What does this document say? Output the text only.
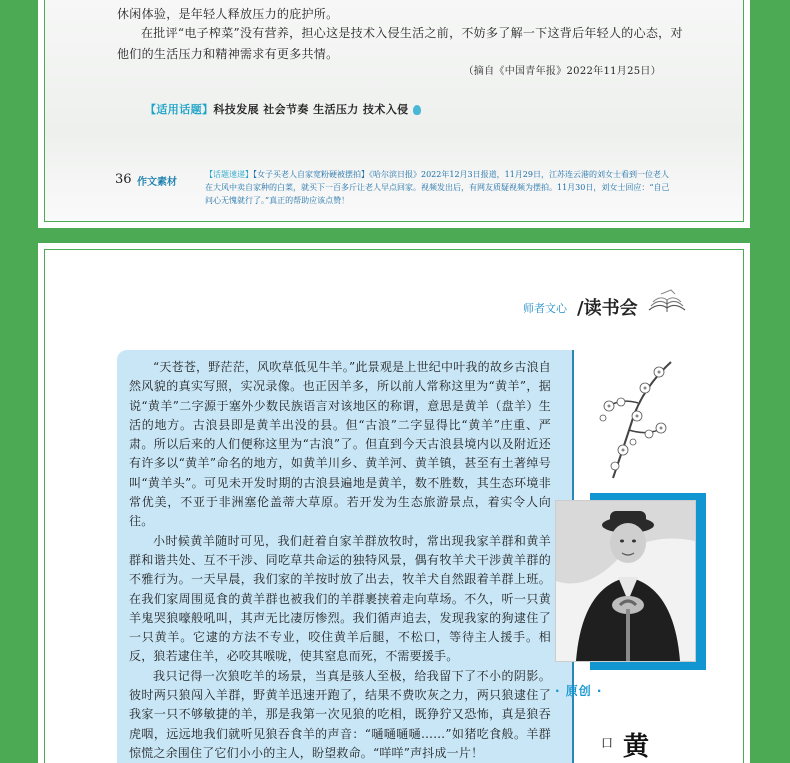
休闲体验，是年轻人释放压力的庇护所。
在批评“电子榨菜”没有营养，担心这是技术入侵生活之前，不妨多了解一下这背后年轻人的心态，对他们的生活压力和精神需求有更多共情。
（摘自《中国青年报》2022年11月25日）
【适用话题】科技发展 社会节奏 生活压力 技术入侵
36 作文素材
【话题速递】【女子买老人自家宽粉硬被摆拍】《哈尔滨日报》2022年12月3日报道，11月29日，江苏连云港的刘女士看到一位老人在大风中卖自家种的白菜，就买下一百多斤让老人早点回家。视频发出后，有网友质疑视频为摆拍。11月30日，刘女士回应：“自己问心无愧就行了。”真正的帮助应该点赞！
师者文心 /读书会

“天苍苍，野茫茫，风吹草低见牛羊。”此景观是上世纪中叶我的故乡古浪自然风貌的真实写照，实况录像。也正因羊多，所以前人常称这里为“黄羊”，据说“黄羊”二字源于塞外少数民族语言对该地区的称谓，意思是黄羊（盘羊）生活的地方。古浪县即是黄羊出没的县。但“古浪”二字显得比“黄羊”庄重、严肃。所以后来的人们便称这里为“古浪”了。但直到今天古浪县境内以及附近还有许多以“黄羊”命名的地方，如黄羊川乡、黄羊河、黄羊镇，甚至有土著绰号叫“黄羊头”。可见未开发时期的古浪县遍地是黄羊，数不胜数，其生态环境非常优美，不亚于非洲塞伦盖蒂大草原。若开发为生态旅游景点，着实令人向往。

小时候黄羊随时可见，我们赶着自家羊群放牧时，常出现我家羊群和黄羊群和谐共处、互不干涉、同吃草共命运的独特风景，偶有牧羊犬干涉黄羊群的不雅行为。一天早晨，我们家的羊按时放了出去，牧羊犬自然跟着羊群上班。在我们家周围觅食的黄羊群也被我们的羊群裹挟着走向草场。不久，听一只黄羊鬼哭狼嚎般吼叫，其声无比凄厉惨烈。我们循声追去，发现我家的狗逮住了一只黄羊。它逮的方法不专业，咬住黄羊后腿，不松口，等待主人援手。相反，狼若逮住羊，必咬其喉咙，使其窒息而死，不需要援手。

我只记得一次狼吃羊的场景，当真是骇人至极，给我留下了不小的阴影。彼时两只狼闯入羊群，野黄羊迅速开跑了，结果不费吹灰之力，两只狼逮住了我家一只不够敏捷的羊，那是我第一次见狼的吃相，既狰狞又恐怖，真是狼吞虎咽，远远地我们就听见狼吞食羊的声音：“嗵嗵嗵嗵……”如猪吃食般。羊群惊慌之余围住了它们小小的主人，盼望救命。“咩咩”声抖成一片！

· 原创 ·
口 黄
